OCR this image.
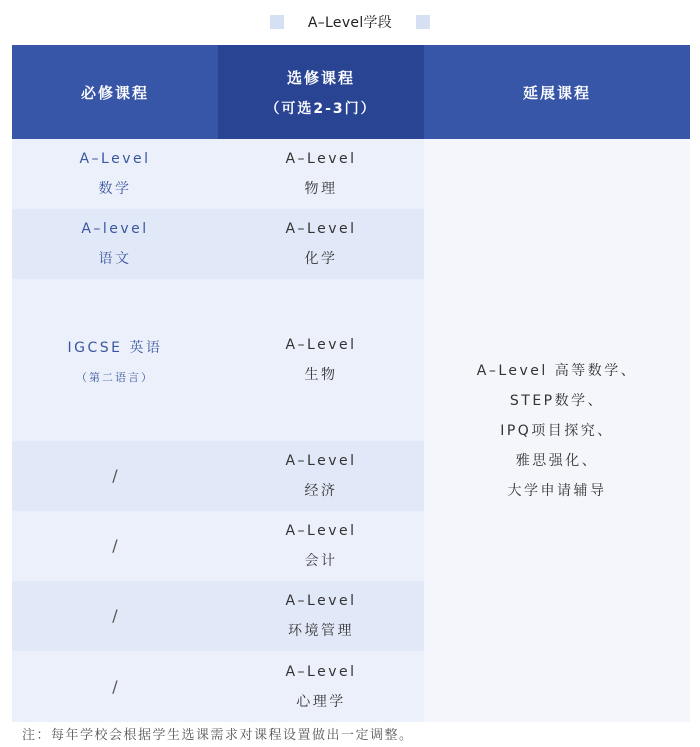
A–Level学段
必修课程
选修课程
（可选2-3门）
延展课程
A–Level
数学
A–Level
物理
A–level
语文
A–Level
化学
IGCSE 英语
（第二语言）
A–Level
生物
/
A–Level
经济
/
A–Level
会计
/
A–Level
环境管理
/
A–Level
心理学
A–Level 高等数学、
STEP数学、
IPQ项目探究、
雅思强化、
大学申请辅导
注：每年学校会根据学生选课需求对课程设置做出一定调整。
